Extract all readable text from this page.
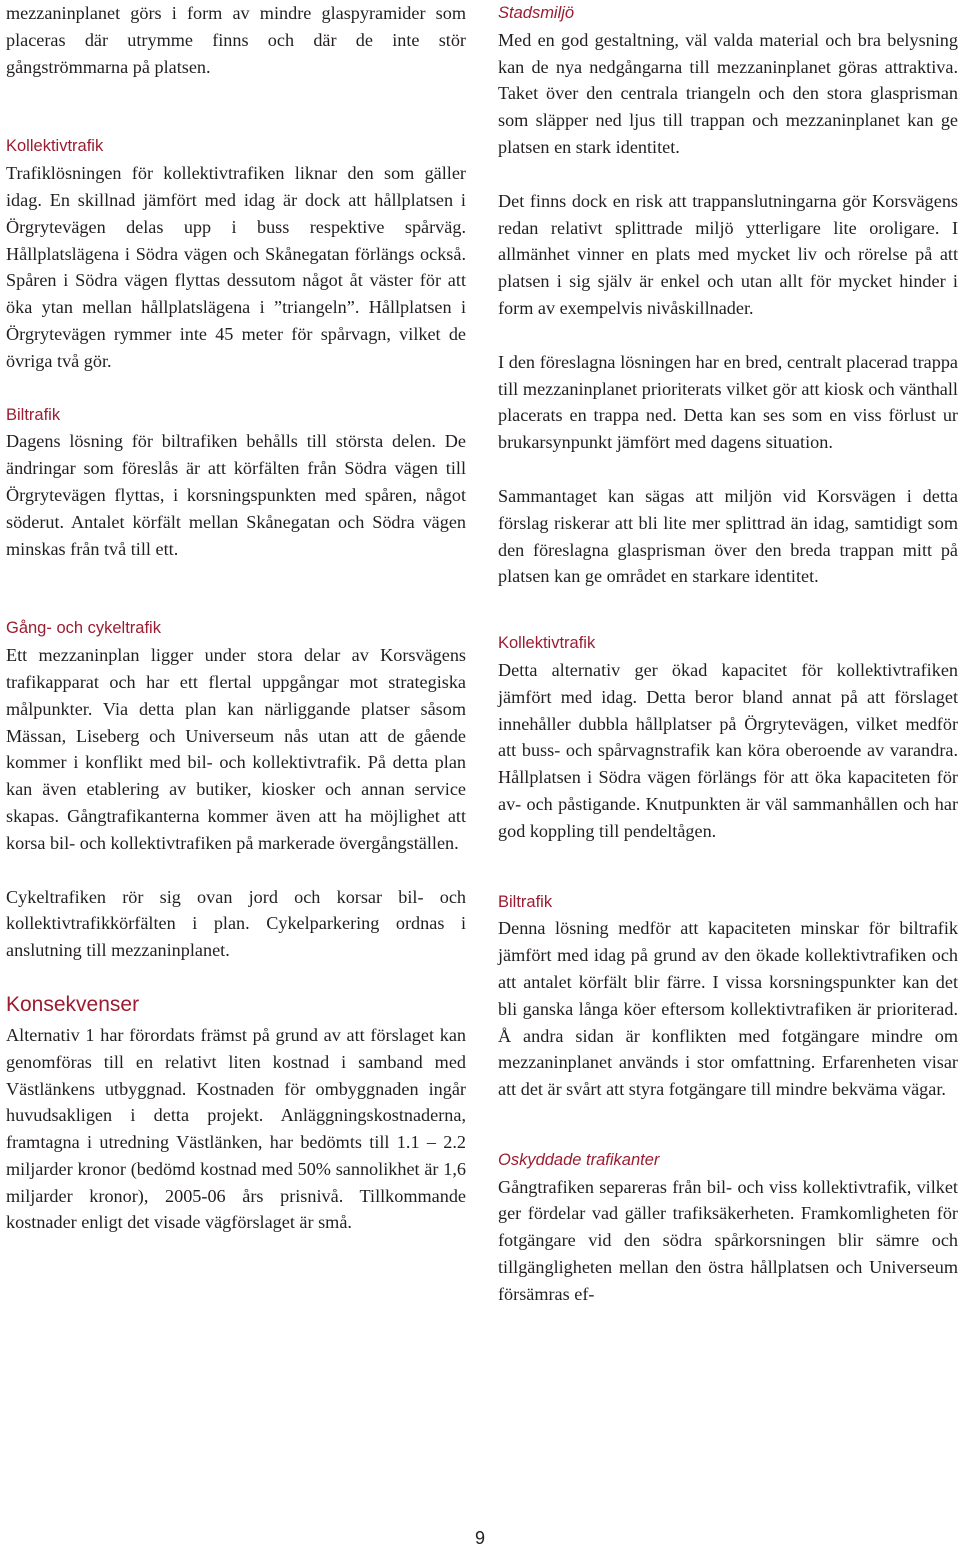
mezzaninplanet görs i form av mindre glaspyramider som placeras där utrymme finns och där de inte stör gångströmmarna på platsen.

Kollektivtrafik

Trafiklösningen för kollektivtrafiken liknar den som gäller idag. En skillnad jämfört med idag är dock att hållplatsen i Örgrytevägen delas upp i buss respektive spårväg. Hållplatslägena i Södra vägen och Skånegatan förlängs också. Spåren i Södra vägen flyttas dessutom något åt väster för att öka ytan mellan hållplatslägena i ”triangeln”. Hållplatsen i Örgrytevägen rymmer inte 45 meter för spårvagn, vilket de övriga två gör.

Biltrafik

Dagens lösning för biltrafiken behålls till största delen. De ändringar som föreslås är att körfälten från Södra vägen till Örgrytevägen flyttas, i korsningspunkten med spåren, något söderut. Antalet körfält mellan Skånegatan och Södra vägen minskas från två till ett.

Gång- och cykeltrafik

Ett mezzaninplan ligger under stora delar av Korsvägens trafikapparat och har ett flertal uppgångar mot strategiska målpunkter. Via detta plan kan närliggande platser såsom Mässan, Liseberg och Universeum nås utan att de gående kommer i konflikt med bil- och kollektivtrafik. På detta plan kan även etablering av butiker, kiosker och annan service skapas. Gångtrafikanterna kommer även att ha möjlighet att korsa bil- och kollektivtrafiken på markerade övergångställen.

Cykeltrafiken rör sig ovan jord och korsar bil- och kollektivtrafikkörfälten i plan. Cykelparkering ordnas i anslutning till mezzaninplanet.

Konsekvenser

Alternativ 1 har förordats främst på grund av att förslaget kan genomföras till en relativt liten kostnad i samband med Västlänkens utbyggnad. Kostnaden för ombyggnaden ingår huvudsakligen i detta projekt. Anläggningskostnaderna, framtagna i utredning Västlänken, har bedömts till 1.1 – 2.2 miljarder kronor (bedömd kostnad med 50% sannolikhet är 1,6 miljarder kronor), 2005-06 års prisnivå. Tillkommande kostnader enligt det visade vägförslaget är små.

Stadsmiljö

Med en god gestaltning, väl valda material och bra belysning kan de nya nedgångarna till mezzaninplanet göras attraktiva. Taket över den centrala triangeln och den stora glasprisman som släpper ned ljus till trappan och mezzaninplanet kan ge platsen en stark identitet.

Det finns dock en risk att trappanslutningarna gör Korsvägens redan relativt splittrade miljö ytterligare lite oroligare. I allmänhet vinner en plats med mycket liv och rörelse på att platsen i sig själv är enkel och utan allt för mycket hinder i form av exempelvis nivåskillnader.

I den föreslagna lösningen har en bred, centralt placerad trappa till mezzaninplanet prioriterats vilket gör att kiosk och vänthall placerats en trappa ned. Detta kan ses som en viss förlust ur brukarsynpunkt jämfört med dagens situation.

Sammantaget kan sägas att miljön vid Korsvägen i detta förslag riskerar att bli lite mer splittrad än idag, samtidigt som den föreslagna glasprisman över den breda trappan mitt på platsen kan ge området en starkare identitet.

Kollektivtrafik

Detta alternativ ger ökad kapacitet för kollektivtrafiken jämfört med idag. Detta beror bland annat på att förslaget innehåller dubbla hållplatser på Örgrytevägen, vilket medför att buss- och spårvagnstrafik kan köra oberoende av varandra. Hållplatsen i Södra vägen förlängs för att öka kapaciteten för av- och påstigande. Knutpunkten är väl sammanhållen och har god koppling till pendeltågen.

Biltrafik

Denna lösning medför att kapaciteten minskar för biltrafik jämfört med idag på grund av den ökade kollektivtrafiken och att antalet körfält blir färre. I vissa korsningspunkter kan det bli ganska långa köer eftersom kollektivtrafiken är prioriterad. Å andra sidan är konflikten med fotgängare mindre om mezzaninplanet används i stor omfattning. Erfarenheten visar att det är svårt att styra fotgängare till mindre bekväma vägar.

Oskyddade trafikanter

Gångtrafiken separeras från bil- och viss kollektivtrafik, vilket ger fördelar vad gäller trafiksäkerheten. Framkomligheten för fotgängare vid den södra spårkorsningen blir sämre och tillgängligheten mellan den östra hållplatsen och Universeum försämras ef-

9
